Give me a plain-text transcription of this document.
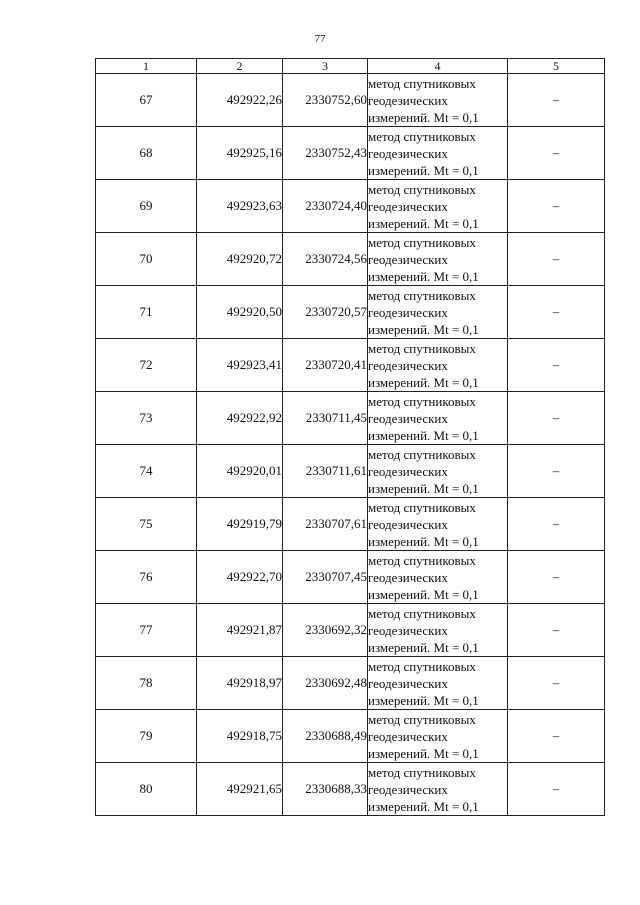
77
1	2	3	4	5
67	492922,26	2330752,60	метод спутниковых
геодезических
измерений. Mt = 0,1	–
68	492925,16	2330752,43	метод спутниковых
геодезических
измерений. Mt = 0,1	–
69	492923,63	2330724,40	метод спутниковых
геодезических
измерений. Mt = 0,1	–
70	492920,72	2330724,56	метод спутниковых
геодезических
измерений. Mt = 0,1	–
71	492920,50	2330720,57	метод спутниковых
геодезических
измерений. Mt = 0,1	–
72	492923,41	2330720,41	метод спутниковых
геодезических
измерений. Mt = 0,1	–
73	492922,92	2330711,45	метод спутниковых
геодезических
измерений. Mt = 0,1	–
74	492920,01	2330711,61	метод спутниковых
геодезических
измерений. Mt = 0,1	–
75	492919,79	2330707,61	метод спутниковых
геодезических
измерений. Mt = 0,1	–
76	492922,70	2330707,45	метод спутниковых
геодезических
измерений. Mt = 0,1	–
77	492921,87	2330692,32	метод спутниковых
геодезических
измерений. Mt = 0,1	–
78	492918,97	2330692,48	метод спутниковых
геодезических
измерений. Mt = 0,1	–
79	492918,75	2330688,49	метод спутниковых
геодезических
измерений. Mt = 0,1	–
80	492921,65	2330688,33	метод спутниковых
геодезических
измерений. Mt = 0,1	–
